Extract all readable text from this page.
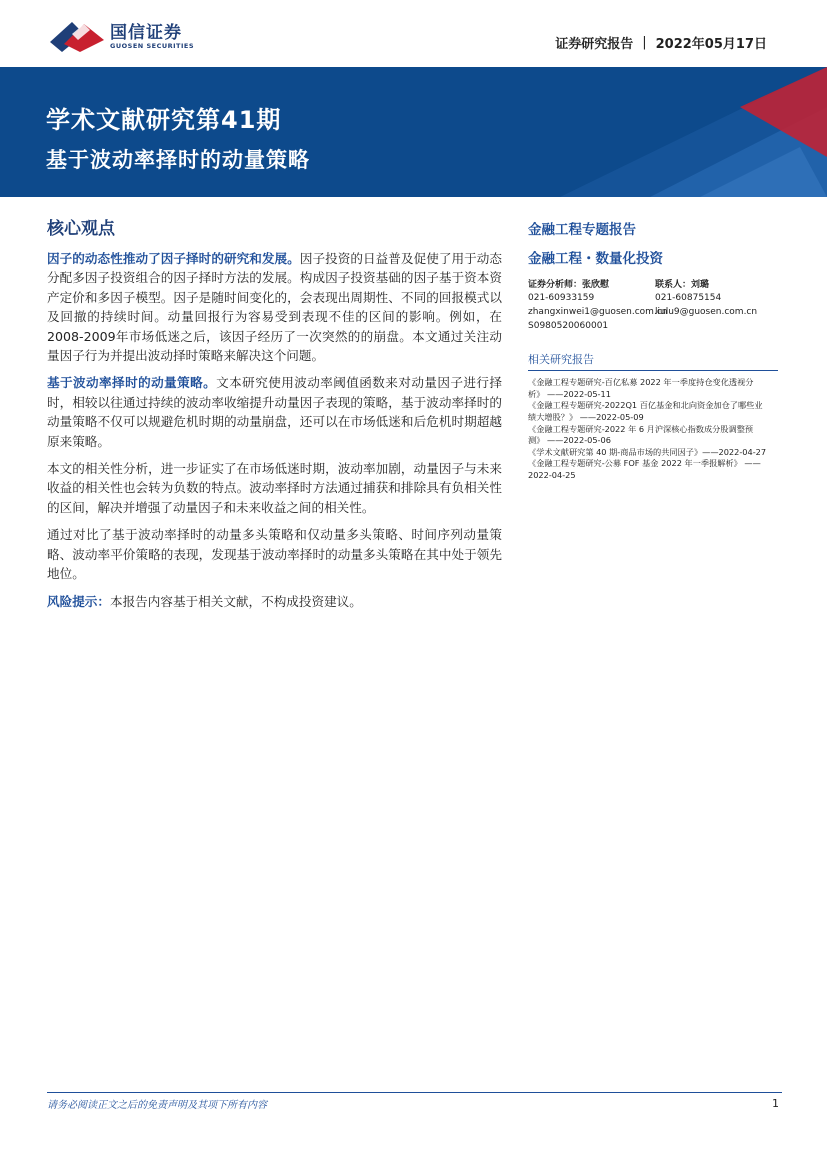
国信证券
GUOSEN SECURITIES	证券研究报告 | 2022年05月17日
学术文献研究第41期
基于波动率择时的动量策略
核心观点

因子的动态性推动了因子择时的研究和发展。因子投资的日益普及促使了用于动态分配多因子投资组合的因子择时方法的发展。构成因子投资基础的因子基于资本资产定价和多因子模型。因子是随时间变化的，会表现出周期性、不同的回报模式以及回撤的持续时间。动量回报行为容易受到表现不佳的区间的影响。例如，在2008-2009年市场低迷之后，该因子经历了一次突然的的崩盘。本文通过关注动量因子行为并提出波动择时策略来解决这个问题。

基于波动率择时的动量策略。文本研究使用波动率阈值函数来对动量因子进行择时，相较以往通过持续的波动率收缩提升动量因子表现的策略，基于波动率择时的动量策略不仅可以规避危机时期的动量崩盘，还可以在市场低迷和后危机时期超越原来策略。

本文的相关性分析，进一步证实了在市场低迷时期，波动率加剧，动量因子与未来收益的相关性也会转为负数的特点。波动率择时方法通过捕获和排除具有负相关性的区间，解决并增强了动量因子和未来收益之间的相关性。

通过对比了基于波动率择时的动量多头策略和仅动量多头策略、时间序列动量策略、波动率平价策略的表现，发现基于波动率择时的动量多头策略在其中处于领先地位。

风险提示：本报告内容基于相关文献，不构成投资建议。

金融工程专题报告
金融工程・数量化投资
证券分析师：张欣慰
021-60933159
zhangxinwei1@guosen.com.cn
联系人：刘璐
021-60875154
liulu9@guosen.com.cn
S0980520060001
相关研究报告
《金融工程专题研究-百亿私募 2022 年一季度持仓变化透视分
析》 ——2022-05-11
《金融工程专题研究-2022Q1 百亿基金和北向资金加仓了哪些业
绩大增股？》 ——2022-05-09
《金融工程专题研究-2022 年 6 月沪深核心指数成分股调整预
测》 ——2022-05-06
《学术文献研究第 40 期-商品市场的共同因子》——2022-04-27
《金融工程专题研究-公募 FOF 基金 2022 年一季报解析》 ——
2022-04-25
请务必阅读正文之后的免责声明及其项下所有内容	1
